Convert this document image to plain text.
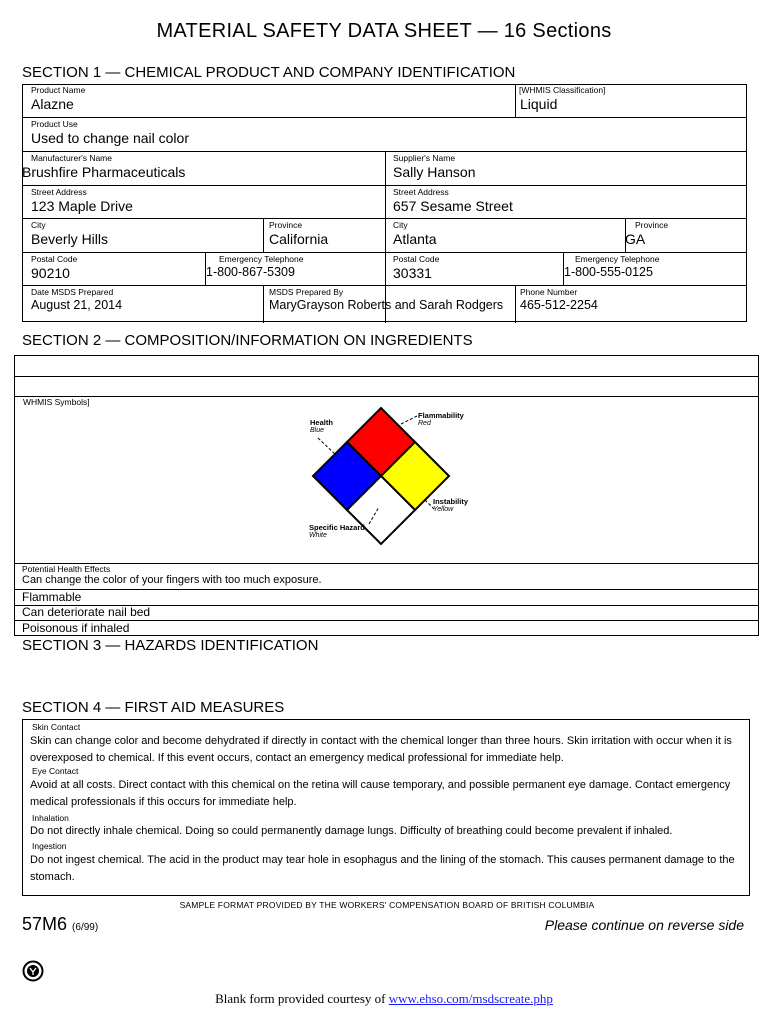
MATERIAL SAFETY DATA SHEET — 16 Sections
SECTION 1 — CHEMICAL PRODUCT AND COMPANY IDENTIFICATION
Product Name
Alazne
[WHMIS Classification]
Liquid
Product Use
Used to change nail color
Manufacturer's Name
Brushfire Pharmaceuticals
Supplier's Name
Sally Hanson
Street Address
123 Maple Drive
Street Address
657 Sesame Street
City
Beverly Hills
Province
California
City
Atlanta
Province
GA
Postal Code
90210
Emergency Telephone
1-800-867-5309
Postal Code
30331
Emergency Telephone
1-800-555-0125
Date MSDS Prepared
August 21, 2014
MSDS Prepared By
MaryGrayson Roberts and Sarah Rodgers
Phone Number
465-512-2254
SECTION 2 — COMPOSITION/INFORMATION ON INGREDIENTS
WHMIS Symbols]
Health
Blue
Flammability
Red
Instability
Yellow
Specific Hazard
White
Potential Health Effects
Can change the color of your fingers with too much exposure.
Flammable
Can deteriorate nail bed
Poisonous if inhaled
SECTION 3 — HAZARDS IDENTIFICATION
SECTION 4 — FIRST AID MEASURES
Skin Contact
Skin can change color and become dehydrated if directly in contact with the chemical longer than three hours. Skin irritation with occur when it is overexposed to chemical. If this event occurs, contact an emergency medical professional for immediate help.
Eye Contact
Avoid at all costs. Direct contact with this chemical on the retina will cause temporary, and possible permanent eye damage. Contact emergency medical professionals if this occurs for immediate help.
Inhalation
Do not directly inhale chemical. Doing so could permanently damage lungs. Difficulty of breathing could become prevalent if inhaled.
Ingestion
Do not ingest chemical. The acid in the product may tear hole in esophagus and the lining of the stomach. This causes permanent damage to the stomach.
SAMPLE FORMAT PROVIDED BY THE WORKERS' COMPENSATION BOARD OF BRITISH COLUMBIA
57M6 (6/99)	Please continue on reverse side
Blank form provided courtesy of www.ehso.com/msdscreate.php
